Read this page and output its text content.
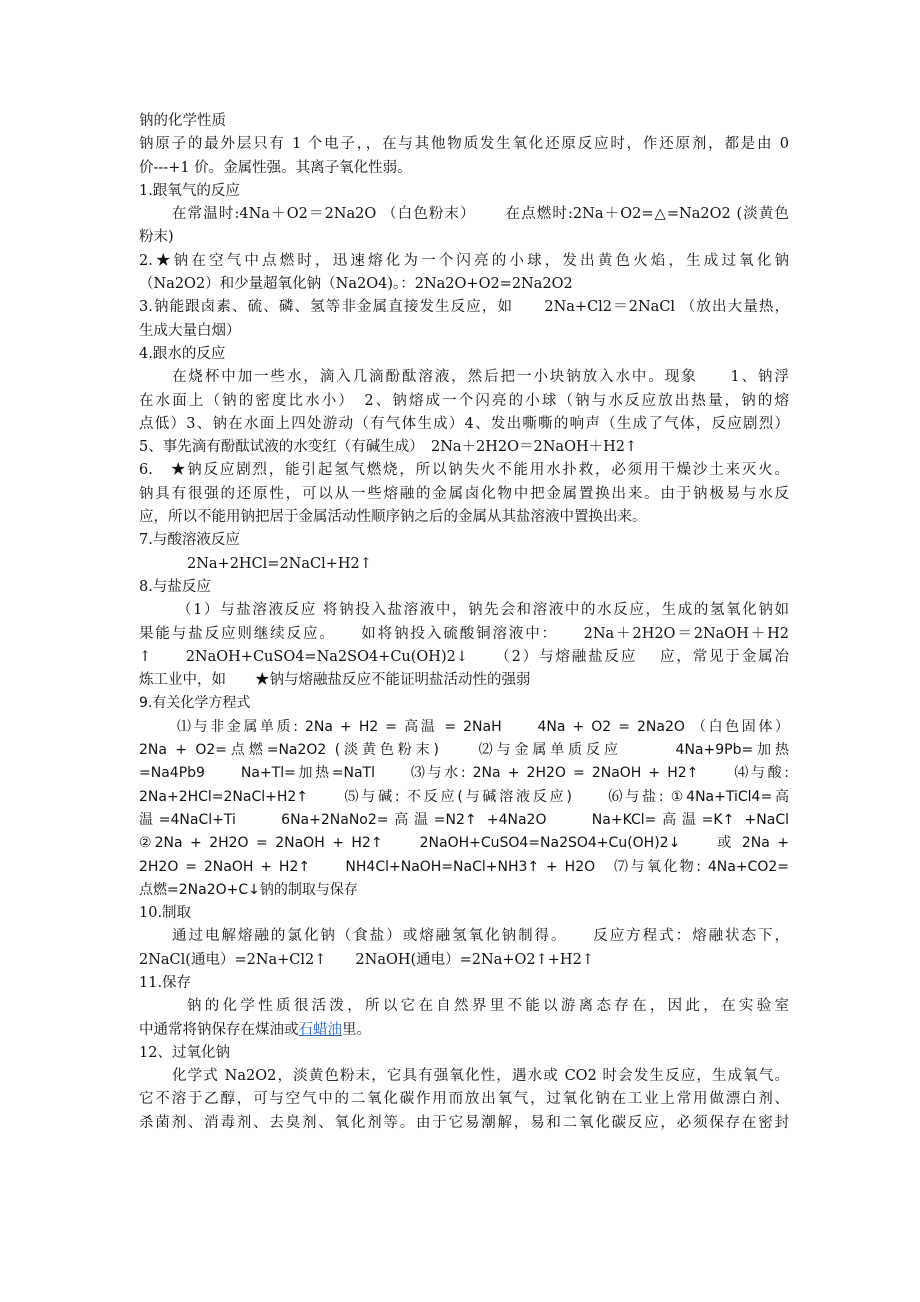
钠的化学性质
钠原子的最外层只有 1 个电子，，在与其他物质发生氧化还原反应时，作还原剂，都是由 0
价---+1 价。金属性强。其离子氧化性弱。
1.跟氧气的反应
在常温时:4Na＋O2＝2Na2O （白色粉末）　　 在点燃时:2Na＋O2=△=Na2O2 (淡黄色
粉末)
2.★钠在空气中点燃时，迅速熔化为一个闪亮的小球，发出黄色火焰，生成过氧化钠
（Na2O2）和少量超氧化钠（Na2O4)。：2Na2O+O2=2Na2O2
3.钠能跟卤素、硫、磷、氢等非金属直接发生反应，如　　2Na+Cl2＝2NaCl （放出大量热，
生成大量白烟）
4.跟水的反应
在烧杯中加一些水，滴入几滴酚酞溶液，然后把一小块钠放入水中。现象　　1、钠浮
在水面上（钠的密度比水小）　2、钠熔成一个闪亮的小球（钠与水反应放出热量，钠的熔
点低）3、钠在水面上四处游动（有气体生成）4、发出嘶嘶的响声（生成了气体，反应剧烈）
5、事先滴有酚酞试液的水变红（有碱生成）　2Na＋2H2O＝2NaOH＋H2↑
6.　★钠反应剧烈，能引起氢气燃烧，所以钠失火不能用水扑救，必须用干燥沙土来灭火。
钠具有很强的还原性，可以从一些熔融的金属卤化物中把金属置换出来。由于钠极易与水反
应，所以不能用钠把居于金属活动性顺序钠之后的金属从其盐溶液中置换出来。
7.与酸溶液反应
2Na+2HCl=2NaCl+H2↑
8.与盐反应
（1）与盐溶液反应 将钠投入盐溶液中，钠先会和溶液中的水反应，生成的氢氧化钠如
果能与盐反应则继续反应。　　如将钠投入硫酸铜溶液中：　　2Na＋2H2O＝2NaOH＋H2
↑　　2NaOH+CuSO4=Na2SO4+Cu(OH)2↓　　（2）与熔融盐反应　 应，常见于金属冶
炼工业中，如　　★钠与熔融盐反应不能证明盐活动性的强弱
9.有关化学方程式
⑴与非金属单质: 2Na + H2 = 高温 = 2NaH　　4Na + O2 = 2Na2O （白色固体）
2Na + O2=点燃=Na2O2 (淡黄色粉末)　　⑵与金属单质反应　　　4Na+9Pb=加热
=Na4Pb9　　Na+Tl=加热=NaTl　　⑶与水: 2Na + 2H2O = 2NaOH + H2↑　　⑷与酸:
2Na+2HCl=2NaCl+H2↑　　⑸与碱: 不反应(与碱溶液反应)　　⑹与盐: ①4Na+TiCl4=高
温=4NaCl+Ti　　6Na+2NaNo2=高温=N2↑ +4Na2O　　Na+KCl=高温=K↑ +NaCl
②2Na + 2H2O = 2NaOH + H2↑　　2NaOH+CuSO4=Na2SO4+Cu(OH)2↓　　或 2Na +
2H2O = 2NaOH + H2↑　　NH4Cl+NaOH=NaCl+NH3↑ + H2O　⑺与氧化物: 4Na+CO2=
点燃=2Na2O+C↓钠的制取与保存
10.制取
通过电解熔融的氯化钠（食盐）或熔融氢氧化钠制得。　　反应方程式：熔融状态下，
2NaCl(通电）=2Na+Cl2↑　　2NaOH(通电）=2Na+O2↑+H2↑
11.保存
钠的化学性质很活泼，所以它在自然界里不能以游离态存在，因此，在实验室
中通常将钠保存在煤油或石蜡油里。
12、过氧化钠
化学式 Na2O2，淡黄色粉末，它具有强氧化性，遇水或 CO2 时会发生反应，生成氧气。
它不溶于乙醇，可与空气中的二氧化碳作用而放出氧气，过氧化钠在工业上常用做漂白剂、
杀菌剂、消毒剂、去臭剂、氧化剂等。由于它易潮解，易和二氧化碳反应，必须保存在密封
